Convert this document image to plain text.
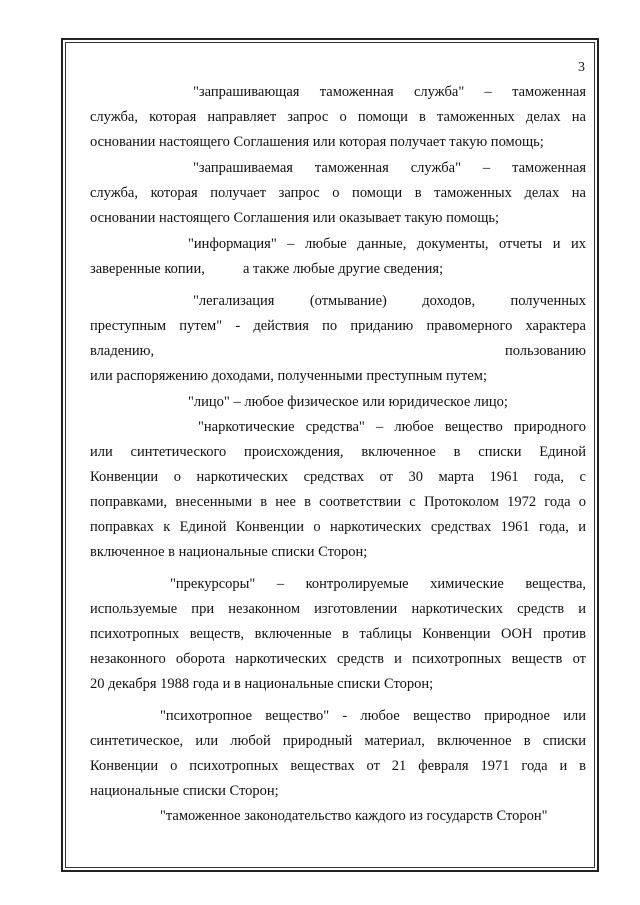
3
"запрашивающая таможенная служба" – таможенная
служба, которая направляет запрос о помощи в таможенных делах на
основании настоящего Соглашения или которая получает такую помощь;
"запрашиваемая таможенная служба" – таможенная
служба, которая получает запрос о помощи в таможенных делах на
основании настоящего Соглашения или оказывает такую помощь;
"информация" – любые данные, документы, отчеты и их
заверенные копии,	а также любые другие сведения;
"легализация (отмывание) доходов, полученных
преступным путем" - действия по приданию правомерного характера
владению,	пользованию
или распоряжению доходами, полученными преступным путем;
"лицо" – любое физическое или юридическое лицо;
"наркотические средства" – любое вещество природного
или синтетического происхождения, включенное в списки Единой
Конвенции о наркотических средствах от 30 марта 1961 года, с
поправками, внесенными в нее в соответствии с Протоколом 1972 года о
поправках к Единой Конвенции о наркотических средствах 1961 года, и
включенное в национальные списки Сторон;
"прекурсоры" – контролируемые химические вещества,
используемые при незаконном изготовлении наркотических средств и
психотропных веществ, включенные в таблицы Конвенции ООН против
незаконного оборота наркотических средств и психотропных веществ от
20 декабря 1988 года и в национальные списки Сторон;
"психотропное вещество" - любое вещество природное или
синтетическое, или любой природный материал, включенное в списки
Конвенции о психотропных веществах от 21 февраля 1971 года и в
национальные списки Сторон;
"таможенное законодательство каждого из государств Сторон"
